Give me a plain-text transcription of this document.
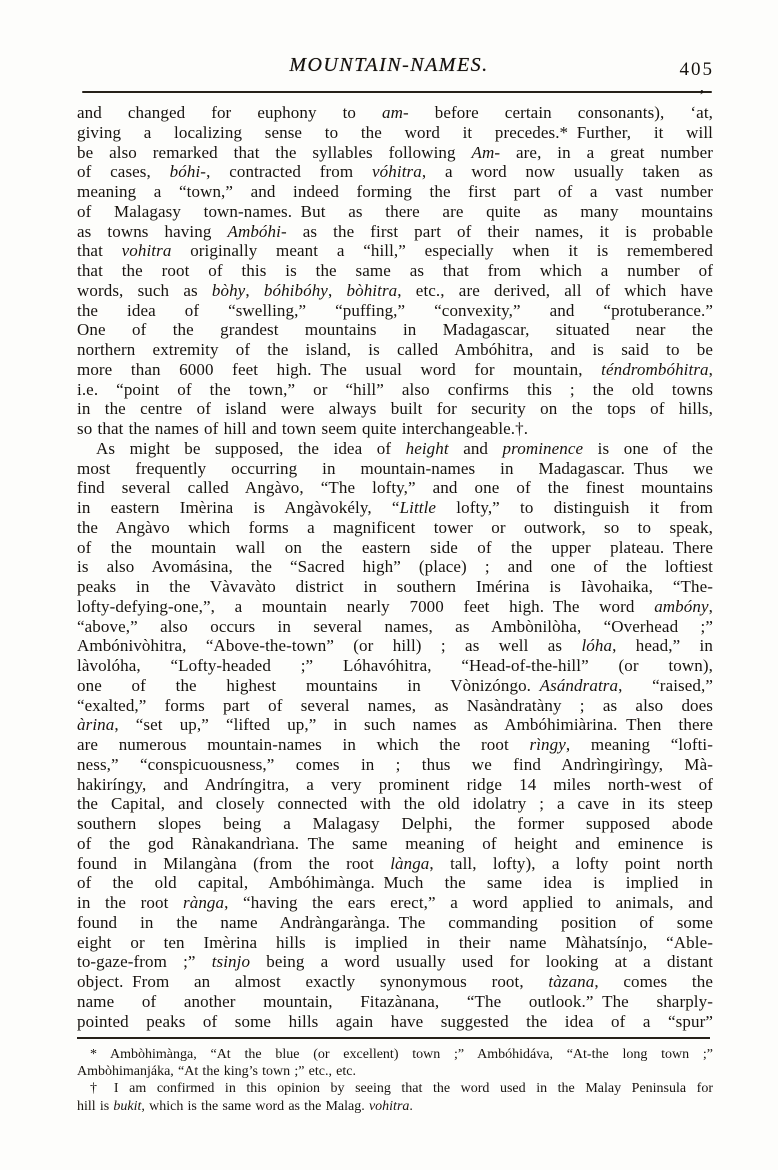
MOUNTAIN-NAMES.	405
’
and changed for euphony to am- before certain consonants), ‘at,
giving a localizing sense to the word it precedes.* Further, it will
be also remarked that the syllables following Am- are, in a great number
of cases, bóhi-, contracted from vóhitra, a word now usually taken as
meaning a “town,” and indeed forming the first part of a vast number
of Malagasy town-names. But as there are quite as many mountains
as towns having Ambóhi- as the first part of their names, it is probable
that vohitra originally meant a “hill,” especially when it is remembered
that the root of this is the same as that from which a number of
words, such as bòhy, bóhibóhy, bòhitra, etc., are derived, all of which have
the idea of “swelling,” “puffing,” “convexity,” and “protuberance.”
One of the grandest mountains in Madagascar, situated near the
northern extremity of the island, is called Ambóhitra, and is said to be
more than 6000 feet high. The usual word for mountain, téndrombóhitra,
i.e. “point of the town,” or “hill” also confirms this ; the old towns
in the centre of island were always built for security on the tops of hills,
so that the names of hill and town seem quite interchangeable.†.
As might be supposed, the idea of height and prominence is one of the
most frequently occurring in mountain-names in Madagascar. Thus we
find several called Angàvo, “The lofty,” and one of the finest mountains
in eastern Imèrina is Angàvokély, “Little lofty,” to distinguish it from
the Angàvo which forms a magnificent tower or outwork, so to speak,
of the mountain wall on the eastern side of the upper plateau. There
is also Avomásina, the “Sacred high” (place) ; and one of the loftiest
peaks in the Vàvavàto district in southern Imérina is Iàvohaika, “The-
lofty-defying-one,”, a mountain nearly 7000 feet high. The word ambóny,
“above,” also occurs in several names, as Ambònilòha, “Overhead ;”
Ambónivòhitra, “Above-the-town” (or hill) ; as well as lóha, head,” in
làvolóha, “Lofty-headed ;” Lóhavóhitra, “Head-of-the-hill” (or town),
one of the highest mountains in Vònizóngo. Asándratra, “raised,”
“exalted,” forms part of several names, as Nasàndratàny ; as also does
àrina, “set up,” “lifted up,” in such names as Ambóhimiàrina. Then there
are numerous mountain-names in which the root rìngy, meaning “lofti-
ness,” “conspicuousness,” comes in ; thus we find Andrìngirìngy, Mà-
hakiríngy, and Andríngitra, a very prominent ridge 14 miles north-west of
the Capital, and closely connected with the old idolatry ; a cave in its steep
southern slopes being a Malagasy Delphi, the former supposed abode
of the god Rànakandrìana. The same meaning of height and eminence is
found in Milangàna (from the root lànga, tall, lofty), a lofty point north
of the old capital, Ambóhimànga. Much the same idea is implied in
in the root rànga, “having the ears erect,” a word applied to animals, and
found in the name Andràngarànga. The commanding position of some
eight or ten Imèrina hills is implied in their name Màhatsínjo, “Able-
to-gaze-from ;” tsinjo being a word usually used for looking at a distant
object. From an almost exactly synonymous root, tàzana, comes the
name of another mountain, Fitazànana, “The outlook.” The sharply-
pointed peaks of some hills again have suggested the idea of a “spur”
* Ambòhimànga, “At the blue (or excellent) town ;” Ambóhidáva, “At-the long town ;”
Ambòhimanjáka, “At the king’s town ;” etc., etc.
† I am confirmed in this opinion by seeing that the word used in the Malay Peninsula for
hill is bukit, which is the same word as the Malag. vohitra.
